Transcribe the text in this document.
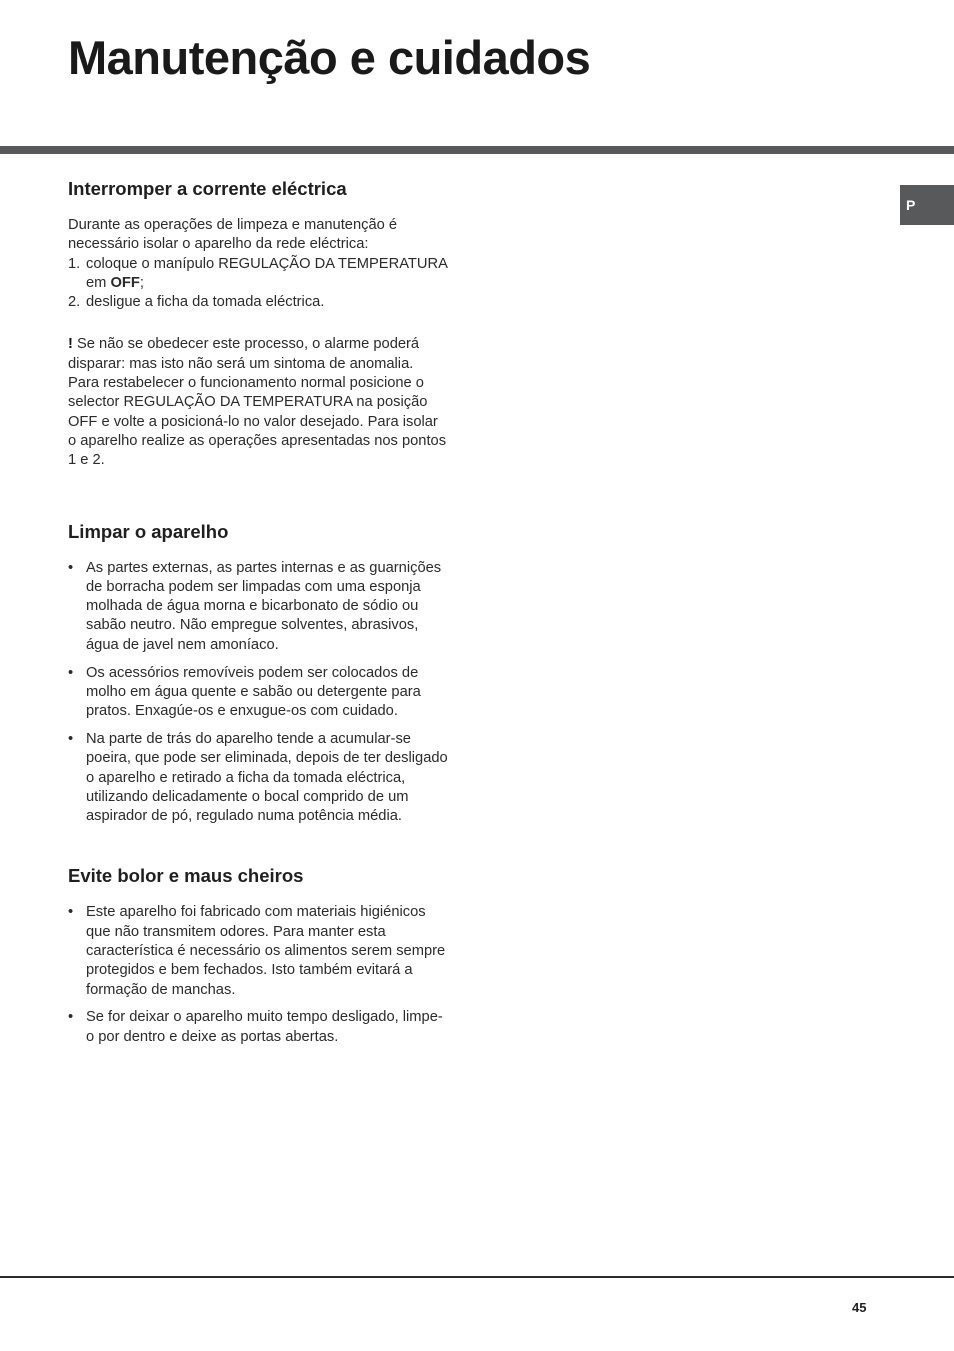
Manutenção e cuidados
P
Interromper a corrente eléctrica

Durante as operações de limpeza e manutenção é necessário isolar o aparelho da rede eléctrica:

1. coloque o manípulo REGULAÇÃO DA TEMPERATURA em OFF;
2. desligue a ficha da tomada eléctrica.

! Se não se obedecer este processo, o alarme poderá disparar: mas isto não será um sintoma de anomalia. Para restabelecer o funcionamento normal posicione o selector REGULAÇÃO DA TEMPERATURA na posição OFF e volte a posicioná-lo no valor desejado. Para isolar o aparelho realize as operações apresentadas nos pontos 1 e 2.

Limpar o aparelho
• As partes externas, as partes internas e as guarnições de borracha podem ser limpadas com uma esponja molhada de água morna e bicarbonato de sódio ou sabão neutro. Não empregue solventes, abrasivos, água de javel nem amoníaco.
• Os acessórios removíveis podem ser colocados de molho em água quente e sabão ou detergente para pratos. Enxagúe-os e enxugue-os com cuidado.
• Na parte de trás do aparelho tende a acumular-se poeira, que pode ser eliminada, depois de ter desligado o aparelho e retirado a ficha da tomada eléctrica, utilizando delicadamente o bocal comprido de um aspirador de pó, regulado numa potência média.
Evite bolor e maus cheiros
• Este aparelho foi fabricado com materiais higiénicos
que não transmitem odores. Para manter esta característica é necessário os alimentos serem sempre protegidos e bem fechados. Isto também evitará a formação de manchas.
• Se for deixar o aparelho muito tempo desligado, limpe-o por dentro e deixe as portas abertas.
45
